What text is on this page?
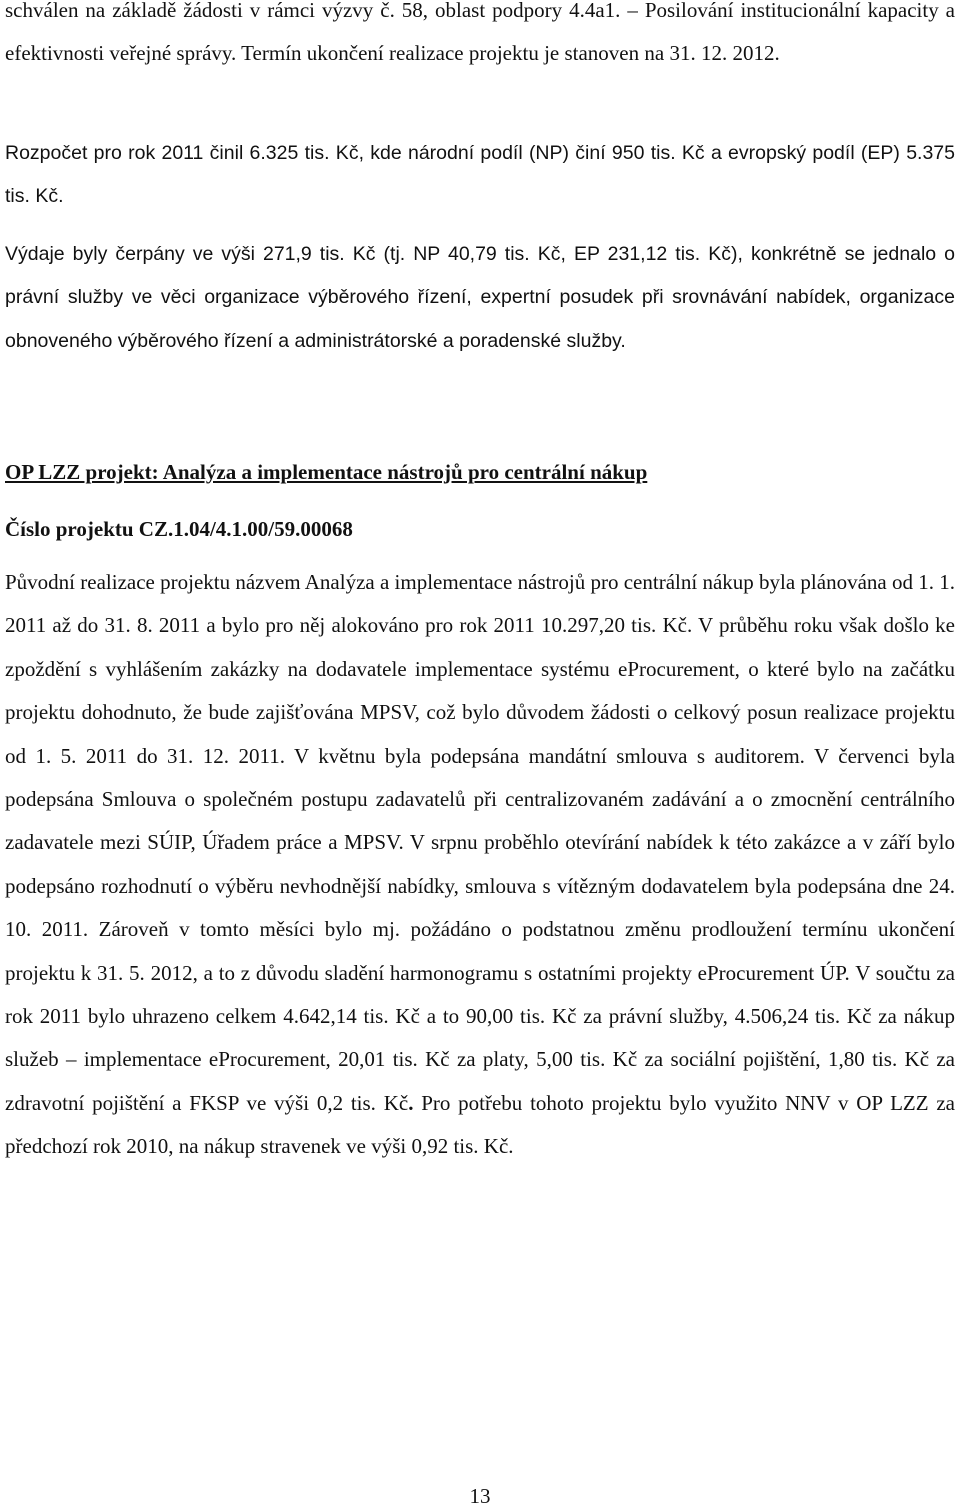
schválen na základě žádosti v rámci výzvy č. 58, oblast podpory 4.4a1. – Posilování institucionální kapacity a efektivnosti veřejné správy. Termín ukončení realizace projektu je stanoven na 31. 12. 2012.

Rozpočet pro rok 2011 činil 6.325 tis. Kč, kde národní podíl (NP) činí 950 tis. Kč a evropský podíl (EP) 5.375 tis. Kč.

Výdaje byly čerpány ve výši 271,9 tis. Kč (tj. NP 40,79 tis. Kč, EP 231,12 tis. Kč), konkrétně se jednalo o právní služby ve věci organizace výběrového řízení, expertní posudek při srovnávání nabídek, organizace obnoveného výběrového řízení a administrátorské a poradenské služby.

OP LZZ projekt: Analýza a implementace nástrojů pro centrální nákup
Číslo projektu CZ.1.04/4.1.00/59.00068

Původní realizace projektu názvem Analýza a implementace nástrojů pro centrální nákup byla plánována od 1. 1. 2011 až do 31. 8. 2011 a bylo pro něj alokováno pro rok 2011 10.297,20 tis. Kč. V průběhu roku však došlo ke zpoždění s vyhlášením zakázky na dodavatele implementace systému eProcurement, o které bylo na začátku projektu dohodnuto, že bude zajišťována MPSV, což bylo důvodem žádosti o celkový posun realizace projektu od 1. 5. 2011 do 31. 12. 2011. V květnu byla podepsána mandátní smlouva s auditorem. V červenci byla podepsána Smlouva o společném postupu zadavatelů při centralizovaném zadávání a o zmocnění centrálního zadavatele mezi SÚIP, Úřadem práce a MPSV. V srpnu proběhlo otevírání nabídek k této zakázce a v září bylo podepsáno rozhodnutí o výběru nevhodnější nabídky, smlouva s vítězným dodavatelem byla podepsána dne 24. 10. 2011. Zároveň v tomto měsíci bylo mj. požádáno o podstatnou změnu prodloužení termínu ukončení projektu k 31. 5. 2012, a to z důvodu sladění harmonogramu s ostatními projekty eProcurement ÚP. V součtu za rok 2011 bylo uhrazeno celkem 4.642,14 tis. Kč a to 90,00 tis. Kč za právní služby, 4.506,24 tis. Kč za nákup služeb – implementace eProcurement, 20,01 tis. Kč za platy, 5,00 tis. Kč za sociální pojištění, 1,80 tis. Kč za zdravotní pojištění a FKSP ve výši 0,2 tis. Kč. Pro potřebu tohoto projektu bylo využito NNV v OP LZZ za předchozí rok 2010, na nákup stravenek ve výši 0,92 tis. Kč.

13
